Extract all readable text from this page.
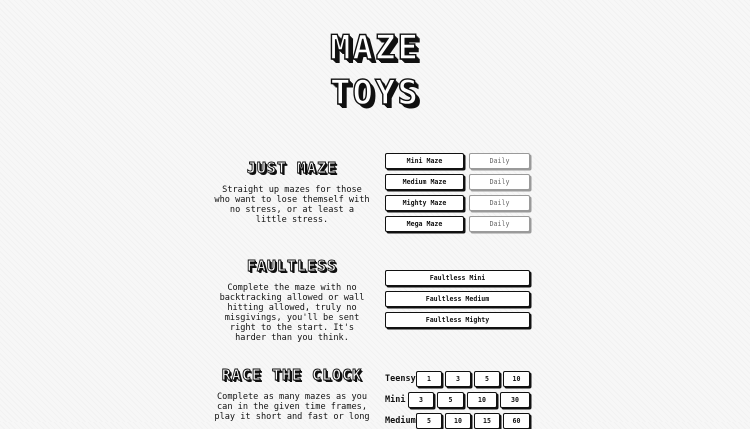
MAZE
TOYS
JUST MAZE
Straight up mazes for those who want to lose themself with no stress, or at least a little stress.
Mini Maze	Daily
Medium Maze	Daily
Mighty Maze	Daily
Mega Maze	Daily
FAULTLESS
Complete the maze with no backtracking allowed or wall hitting allowed, truly no misgivings, you'll be sent right to the start. It's harder than you think.
Faultless Mini
Faultless Medium
Faultless Mighty
RACE THE CLOCK
Complete as many mazes as you can in the given time frames, play it short and fast or long
Teensy	1	3	5	10
Mini	3	5	10	30
Medium	5	10	15	60
